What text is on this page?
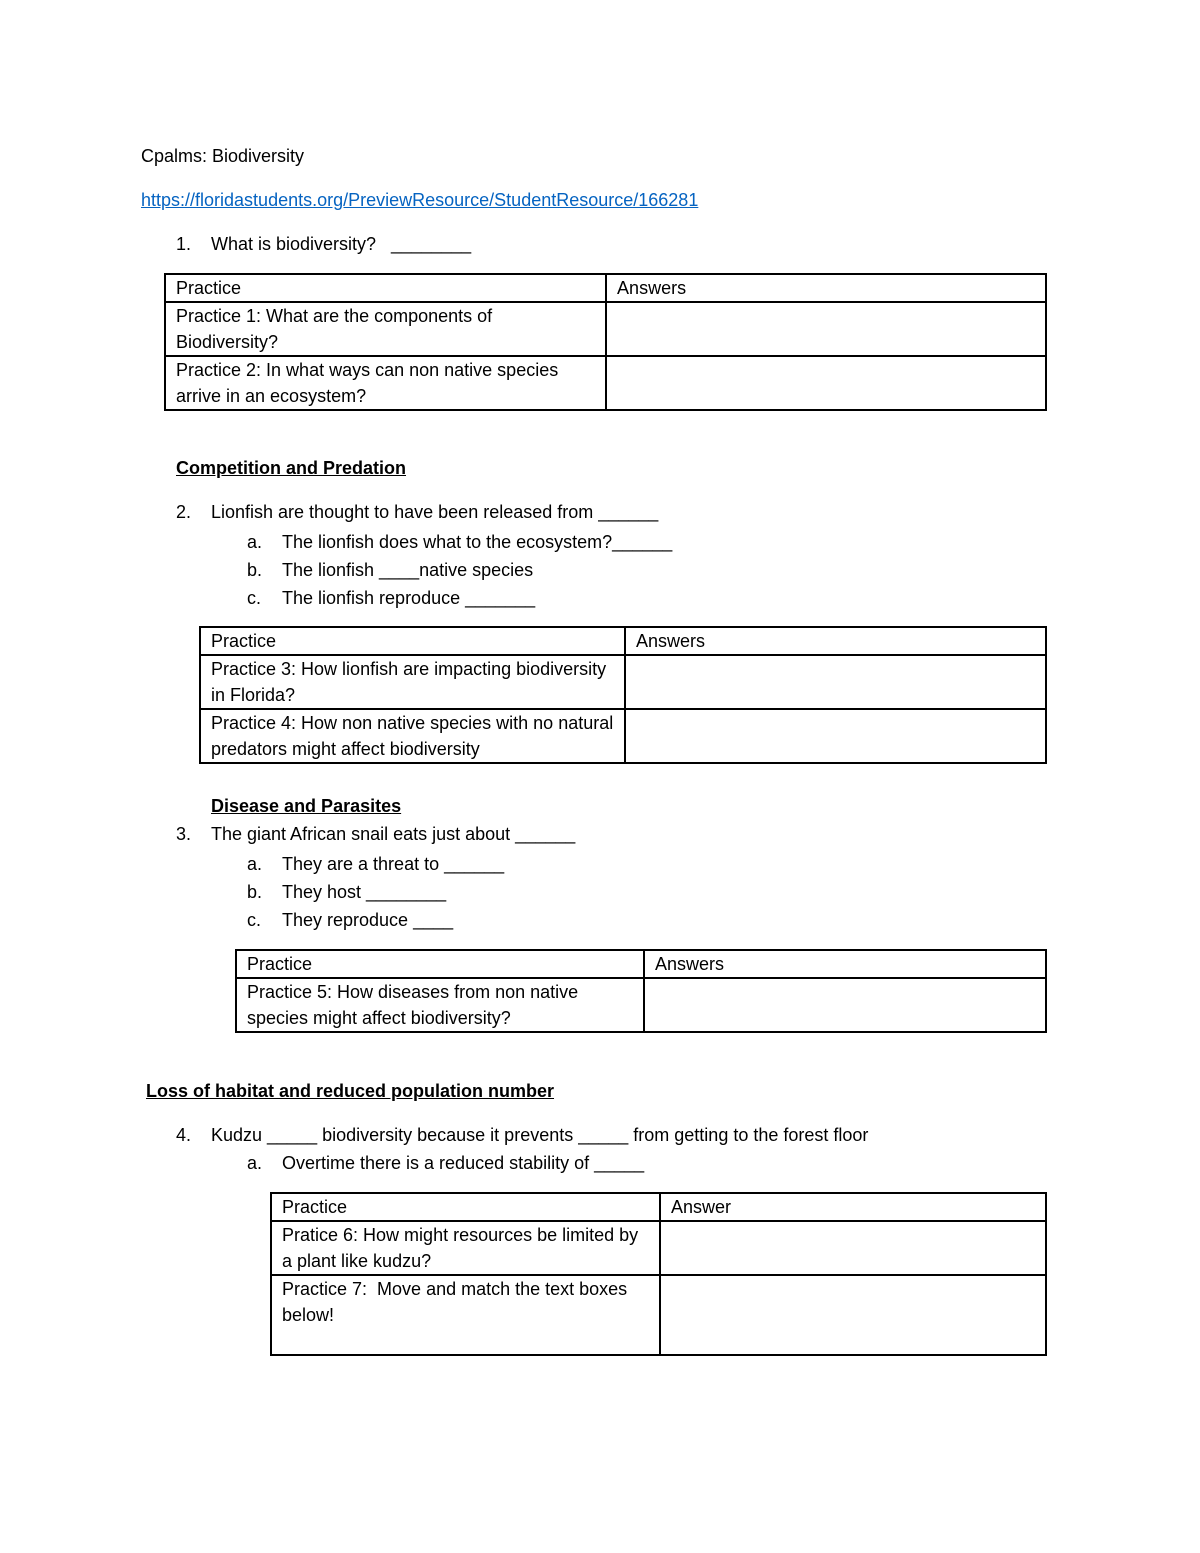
Cpalms: Biodiversity
https://floridastudents.org/PreviewResource/StudentResource/166281
1. What is biodiversity?   ________
Practice	Answers
Practice 1: What are the components of Biodiversity?	
Practice 2: In what ways can non native species arrive in an ecosystem?	
Competition and Predation
2. Lionfish are thought to have been released from ______
a. The lionfish does what to the ecosystem?______
b. The lionfish ____native species
c. The lionfish reproduce _______
Practice	Answers
Practice 3: How lionfish are impacting biodiversity in Florida?	
Practice 4: How non native species with no natural predators might affect biodiversity	
Disease and Parasites
3. The giant African snail eats just about ______
a. They are a threat to ______
b. They host ________
c. They reproduce ____
Practice	Answers
Practice 5: How diseases from non native species might affect biodiversity?	
Loss of habitat and reduced population number
4. Kudzu _____ biodiversity because it prevents _____ from getting to the forest floor
a. Overtime there is a reduced stability of _____
Practice	Answer
Pratice 6: How might resources be limited by a plant like kudzu?	
Practice 7:  Move and match the text boxes below!	
